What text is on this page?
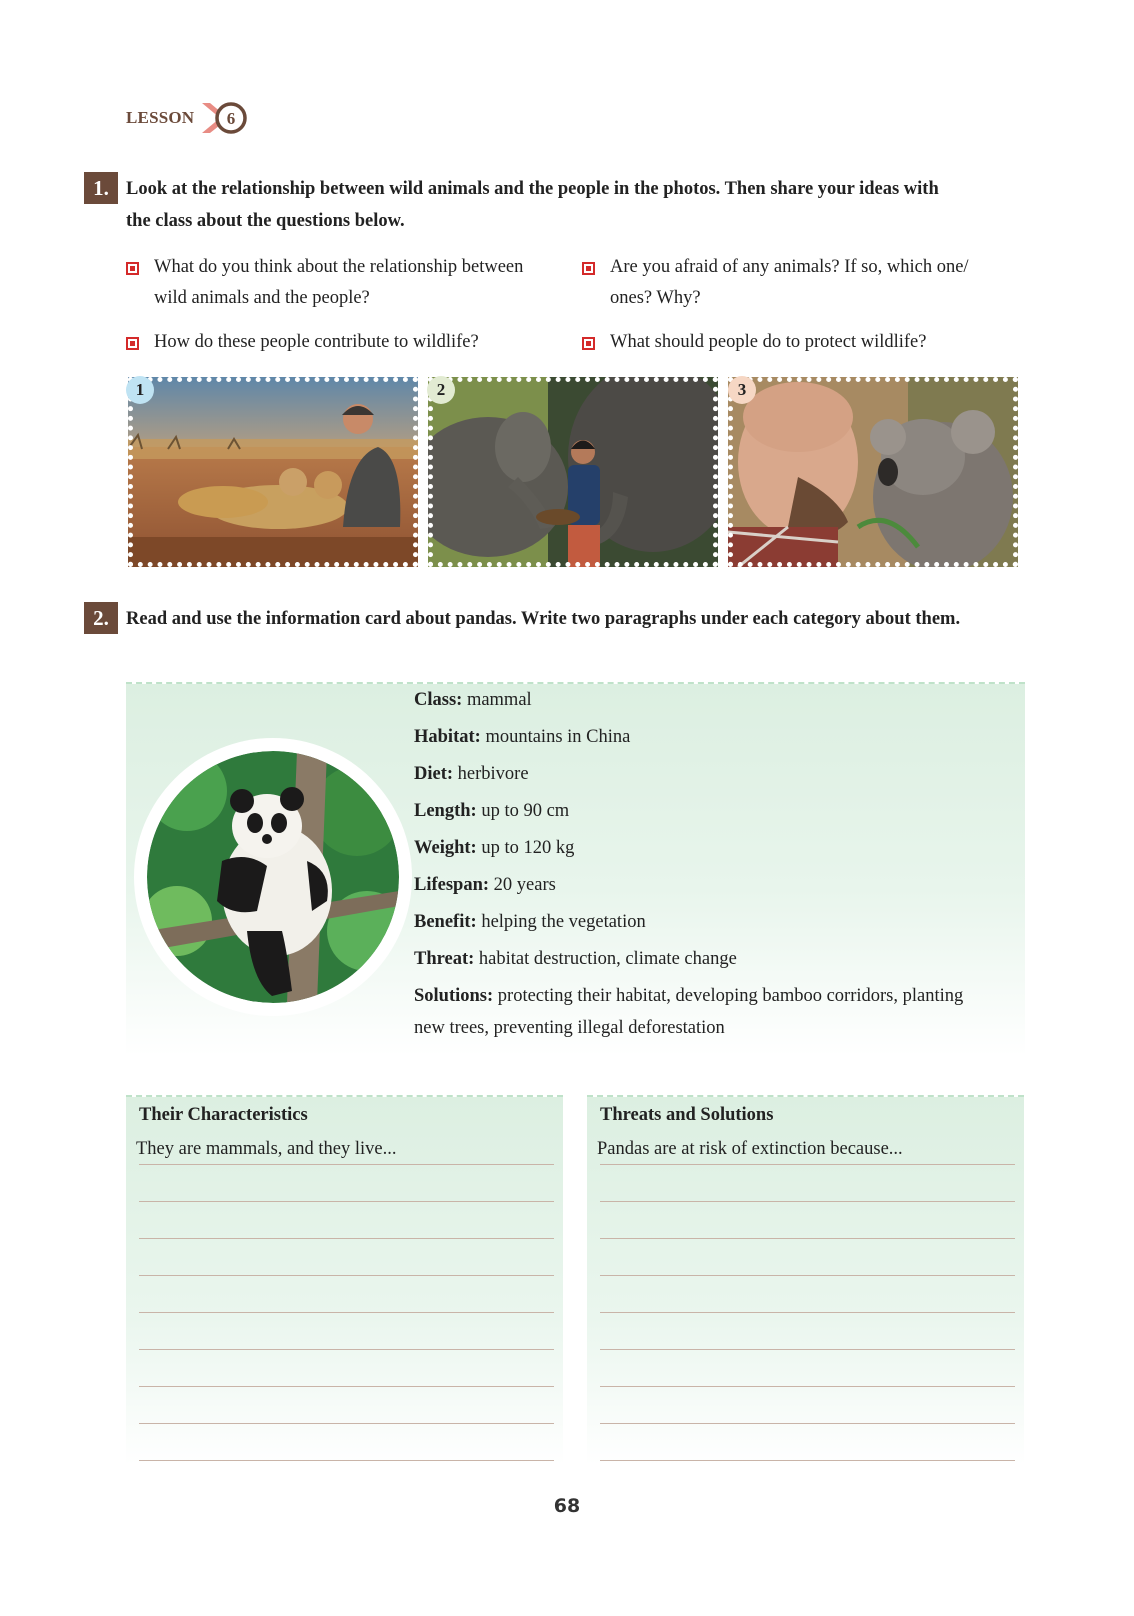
LESSON 6
1. Look at the relationship between wild animals and the people in the photos. Then share your ideas with
the class about the questions below.
What do you think about the relationship between
wild animals and the people?
Are you afraid of any animals? If so, which one/
ones? Why?
How do these people contribute to wildlife?	What should people do to protect wildlife?
1	2	3
2. Read and use the information card about pandas. Write two paragraphs under each category about them.
Class: mammal
Habitat: mountains in China
Diet: herbivore
Length: up to 90 cm
Weight: up to 120 kg
Lifespan: 20 years
Benefit: helping the vegetation
Threat: habitat destruction, climate change
Solutions: protecting their habitat, developing bamboo corridors, planting
new trees, preventing illegal deforestation
Their Characteristics
They are mammals, and they live...
Threats and Solutions
Pandas are at risk of extinction because...
68
